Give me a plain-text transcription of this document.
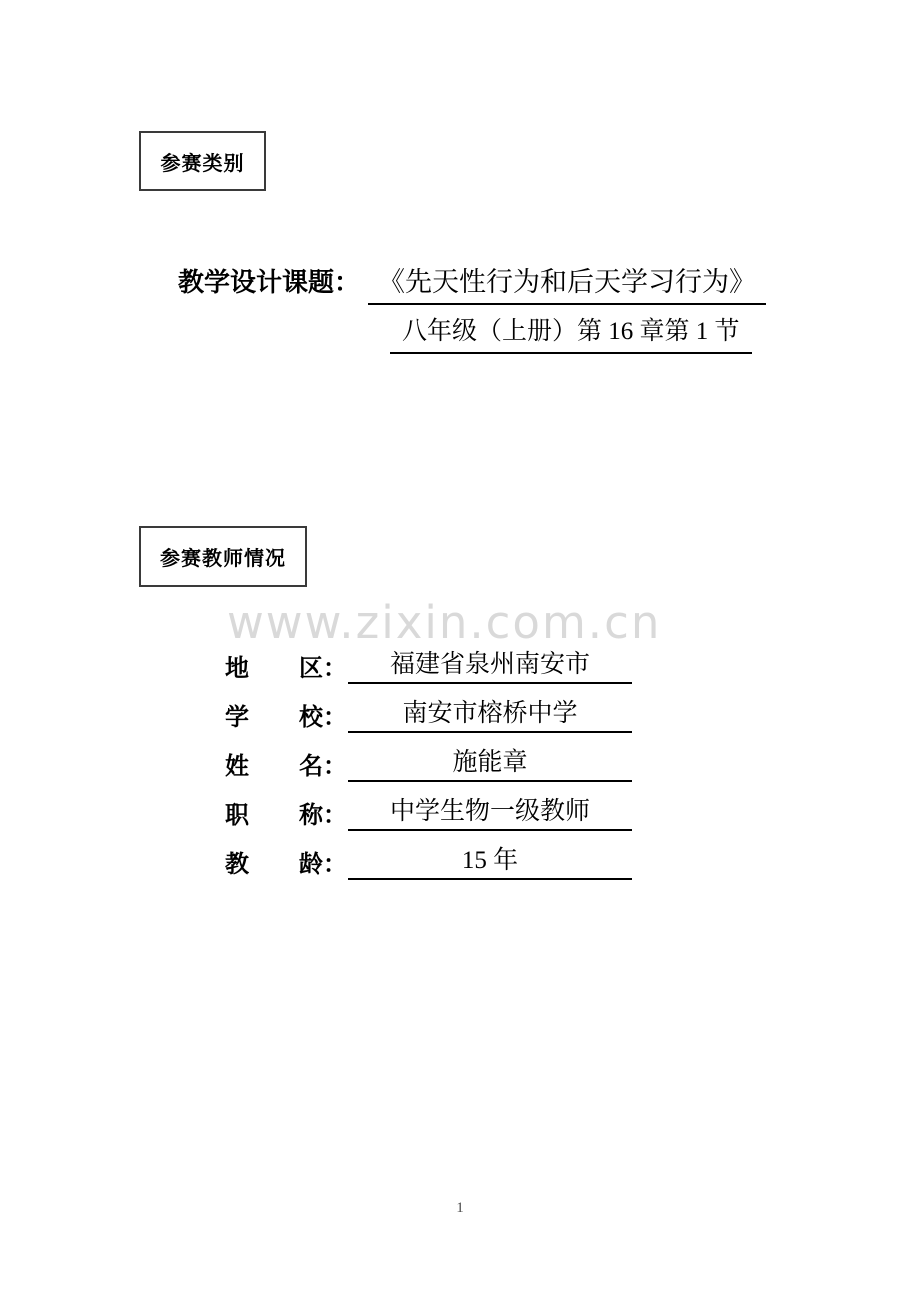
参赛类别
教学设计课题： 《先天性行为和后天学习行为》
八年级（上册）第 16 章第 1 节
参赛教师情况
www.zixin.com.cn
地 区：	福建省泉州南安市
学 校：	南安市榕桥中学
姓 名：	施能章
职 称：	中学生物一级教师
教 龄：	15 年
1
